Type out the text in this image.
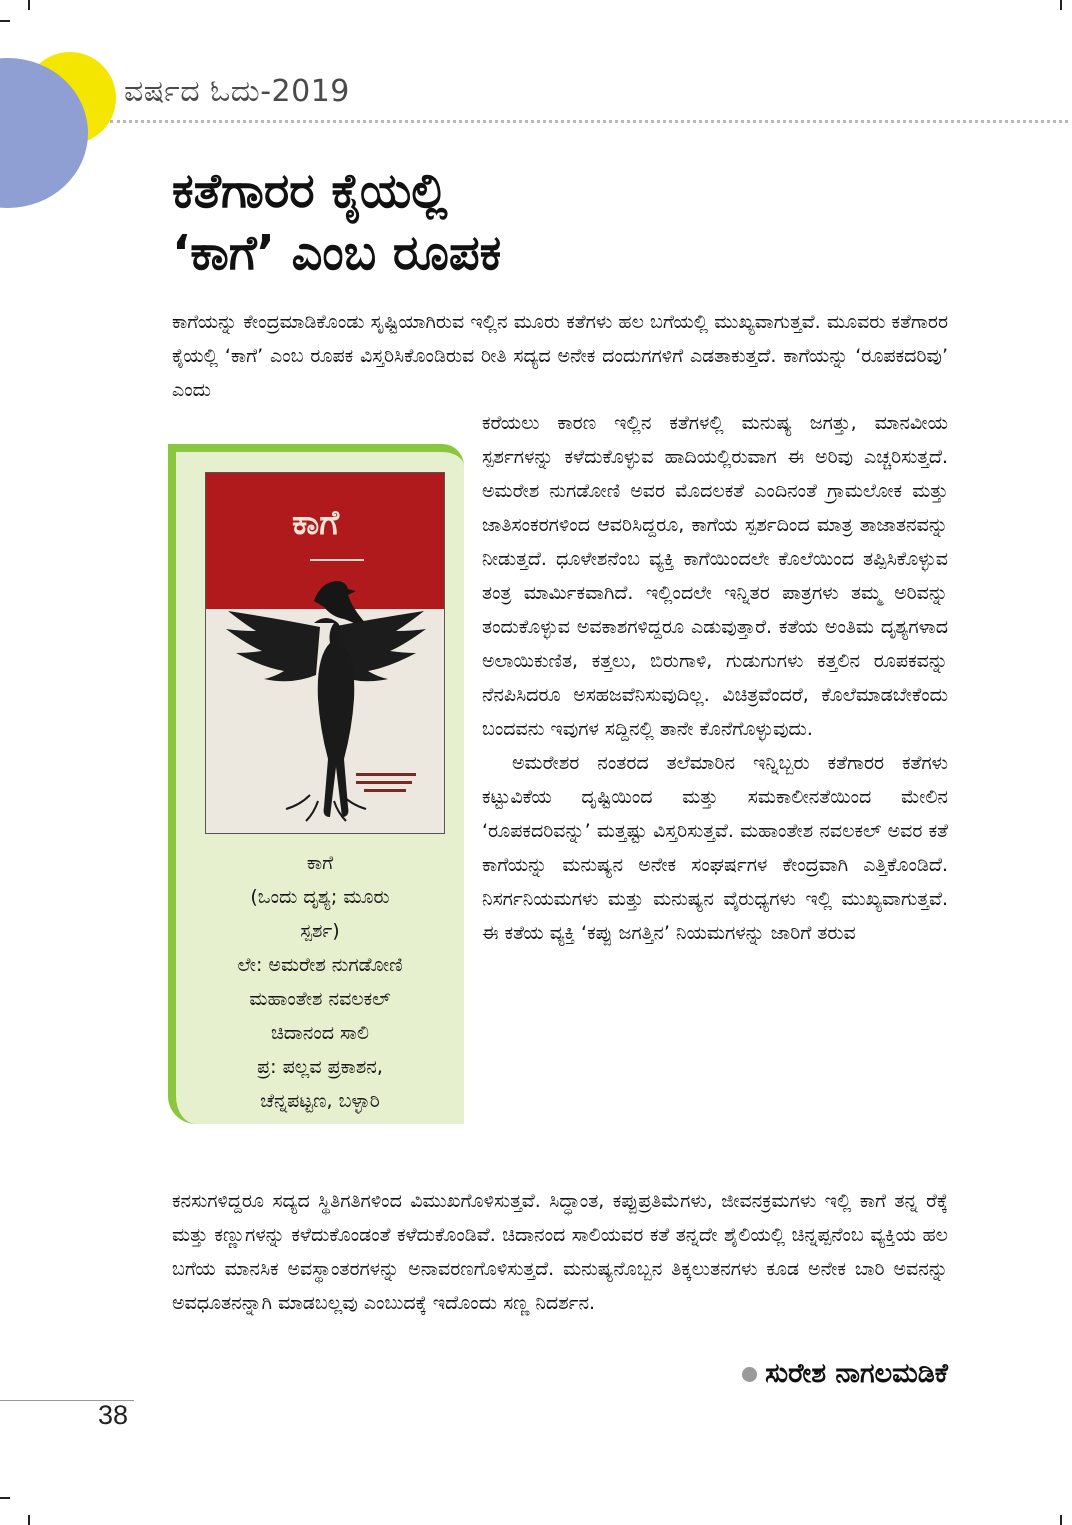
ವರ್ಷದ ಓದು-2019
ಕತೆಗಾರರ ಕೈಯಲ್ಲಿ
‘ಕಾಗೆ’ ಎಂಬ ರೂಪಕ
ಕಾಗೆಯನ್ನು ಕೇಂದ್ರಮಾಡಿಕೊಂಡು ಸೃಷ್ಟಿಯಾಗಿರುವ ಇಲ್ಲಿನ ಮೂರು ಕತೆಗಳು ಹಲ ಬಗೆಯಲ್ಲಿ ಮುಖ್ಯವಾಗುತ್ತವೆ. ಮೂವರು ಕತೆಗಾರರ ಕೈಯಲ್ಲಿ ‘ಕಾಗೆ’ ಎಂಬ ರೂಪಕ ವಿಸ್ತರಿಸಿಕೊಂಡಿರುವ ರೀತಿ ಸದ್ಯದ ಅನೇಕ ದಂದುಗಗಳಿಗೆ ಎಡತಾಕುತ್ತದೆ. ಕಾಗೆಯನ್ನು ‘ರೂಪಕದರಿವು’ ಎಂದು
ಕಾಗೆ
ಕಾಗೆ
(ಒಂದು ದೃಶ್ಯ; ಮೂರು
ಸ್ಪರ್ಶ)
ಲೇ: ಅಮರೇಶ ನುಗಡೋಣಿ
ಮಹಾಂತೇಶ ನವಲಕಲ್
ಚಿದಾನಂದ ಸಾಲಿ
ಪ್ರ: ಪಲ್ಲವ ಪ್ರಕಾಶನ,
ಚೆನ್ನಪಟ್ಟಣ, ಬಳ್ಳಾರಿ

ಕರೆಯಲು ಕಾರಣ ಇಲ್ಲಿನ ಕತೆಗಳಲ್ಲಿ ಮನುಷ್ಯ ಜಗತ್ತು, ಮಾನವೀಯ ಸ್ಪರ್ಶಗಳನ್ನು ಕಳೆದುಕೊಳ್ಳುವ ಹಾದಿಯಲ್ಲಿರುವಾಗ ಈ ಅರಿವು ಎಚ್ಚರಿಸುತ್ತದೆ. ಅಮರೇಶ ನುಗಡೋಣಿ ಅವರ ಮೊದಲಕತೆ ಎಂದಿನಂತೆ ಗ್ರಾಮಲೋಕ ಮತ್ತು ಜಾತಿಸಂಕರಗಳಿಂದ ಆವರಿಸಿದ್ದರೂ, ಕಾಗೆಯ ಸ್ಪರ್ಶದಿಂದ ಮಾತ್ರ ತಾಜಾತನವನ್ನು ನೀಡುತ್ತದೆ. ಧೂಳೇಶನೆಂಬ ವ್ಯಕ್ತಿ ಕಾಗೆಯಿಂದಲೇ ಕೊಲೆಯಿಂದ ತಪ್ಪಿಸಿಕೊಳ್ಳುವ ತಂತ್ರ ಮಾರ್ಮಿಕವಾಗಿದೆ. ಇಲ್ಲಿಂದಲೇ ಇನ್ನಿತರ ಪಾತ್ರಗಳು ತಮ್ಮ ಅರಿವನ್ನು ತಂದುಕೊಳ್ಳುವ ಅವಕಾಶಗಳಿದ್ದರೂ ಎಡುವುತ್ತಾರೆ. ಕತೆಯ ಅಂತಿಮ ದೃಶ್ಯಗಳಾದ ಅಲಾಯಿಕುಣಿತ, ಕತ್ತಲು, ಬಿರುಗಾಳಿ, ಗುಡುಗುಗಳು ಕತ್ತಲಿನ ರೂಪಕವನ್ನು ನೆನಪಿಸಿದರೂ ಅಸಹಜವೆನಿಸುವುದಿಲ್ಲ. ವಿಚಿತ್ರವೆಂದರೆ, ಕೊಲೆಮಾಡಬೇಕೆಂದು ಬಂದವನು ಇವುಗಳ ಸದ್ದಿನಲ್ಲಿ ತಾನೇ ಕೊನೆಗೊಳ್ಳುವುದು.

ಅಮರೇಶರ ನಂತರದ ತಲೆಮಾರಿನ ಇನ್ನಿಬ್ಬರು ಕತೆಗಾರರ ಕತೆಗಳು ಕಟ್ಟುವಿಕೆಯ ದೃಷ್ಟಿಯಿಂದ ಮತ್ತು ಸಮಕಾಲೀನತೆಯಿಂದ ಮೇಲಿನ ‘ರೂಪಕದರಿವನ್ನು’ ಮತ್ತಷ್ಟು ವಿಸ್ತರಿಸುತ್ತವೆ. ಮಹಾಂತೇಶ ನವಲಕಲ್ ಅವರ ಕತೆ ಕಾಗೆಯನ್ನು ಮನುಷ್ಯನ ಅನೇಕ ಸಂಘರ್ಷಗಳ ಕೇಂದ್ರವಾಗಿ ಎತ್ತಿಕೊಂಡಿದೆ. ನಿಸರ್ಗನಿಯಮಗಳು ಮತ್ತು ಮನುಷ್ಯನ ವೈರುಧ್ಯಗಳು ಇಲ್ಲಿ ಮುಖ್ಯವಾಗುತ್ತವೆ. ಈ ಕತೆಯ ವ್ಯಕ್ತಿ ‘ಕಪ್ಪು ಜಗತ್ತಿನ’ ನಿಯಮಗಳನ್ನು ಜಾರಿಗೆ ತರುವ

ಕನಸುಗಳಿದ್ದರೂ ಸದ್ಯದ ಸ್ಥಿತಿಗತಿಗಳಿಂದ ವಿಮುಖಗೊಳಿಸುತ್ತವೆ. ಸಿದ್ಧಾಂತ, ಕಪ್ಪುಪ್ರತಿಮೆಗಳು, ಜೀವನಕ್ರಮಗಳು ಇಲ್ಲಿ ಕಾಗೆ ತನ್ನ ರೆಕ್ಕೆ ಮತ್ತು ಕಣ್ಣುಗಳನ್ನು ಕಳೆದುಕೊಂಡಂತೆ ಕಳೆದುಕೊಂಡಿವೆ. ಚಿದಾನಂದ ಸಾಲಿಯವರ ಕತೆ ತನ್ನದೇ ಶೈಲಿಯಲ್ಲಿ ಚಿನ್ನಪ್ಪನೆಂಬ ವ್ಯಕ್ತಿಯ ಹಲ ಬಗೆಯ ಮಾನಸಿಕ ಅವಸ್ಥಾಂತರಗಳನ್ನು ಅನಾವರಣಗೊಳಿಸುತ್ತದೆ. ಮನುಷ್ಯನೊಬ್ಬನ ತಿಕ್ಕಲುತನಗಳು ಕೂಡ ಅನೇಕ ಬಾರಿ ಅವನನ್ನು ಅವಧೂತನನ್ನಾಗಿ ಮಾಡಬಲ್ಲವು ಎಂಬುದಕ್ಕೆ ಇದೊಂದು ಸಣ್ಣ ನಿದರ್ಶನ.
ಸುರೇಶ ನಾಗಲಮಡಿಕೆ
38
